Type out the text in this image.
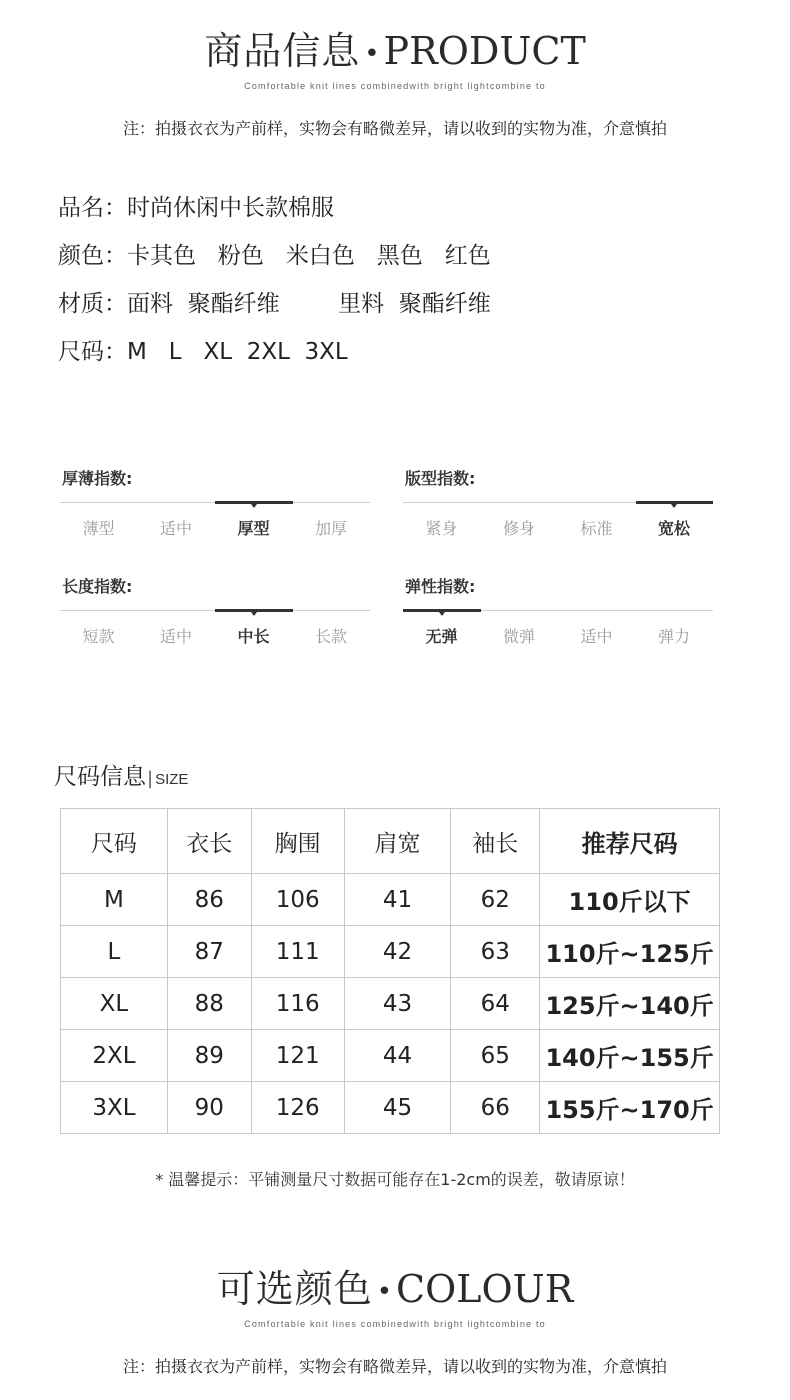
商品信息 • PRODUCT
Comfortable knit lines combinedwith bright lightcombine to
注：拍摄衣衣为产前样，实物会有略微差异，请以收到的实物为准，介意慎拍
品名：时尚休闲中长款棉服
颜色：卡其色   粉色   米白色   黑色   红色
材质：面料  聚酯纤维        里料  聚酯纤维
尺码：M   L   XL  2XL  3XL
厚薄指数:
薄型	适中	厚型	加厚
版型指数:
紧身	修身	标准	宽松
长度指数:
短款	适中	中长	长款
弹性指数:
无弹	微弹	适中	弹力
尺码信息| SIZE
尺码	衣长	胸围	肩宽	袖长	推荐尺码
M	86	106	41	62	110斤以下
L	87	111	42	63	110斤~125斤
XL	88	116	43	64	125斤~140斤
2XL	89	121	44	65	140斤~155斤
3XL	90	126	45	66	155斤~170斤
* 温馨提示：平铺测量尺寸数据可能存在1-2cm的误差，敬请原谅！
可选颜色 • COLOUR
Comfortable knit lines combinedwith bright lightcombine to
注：拍摄衣衣为产前样，实物会有略微差异，请以收到的实物为准，介意慎拍
